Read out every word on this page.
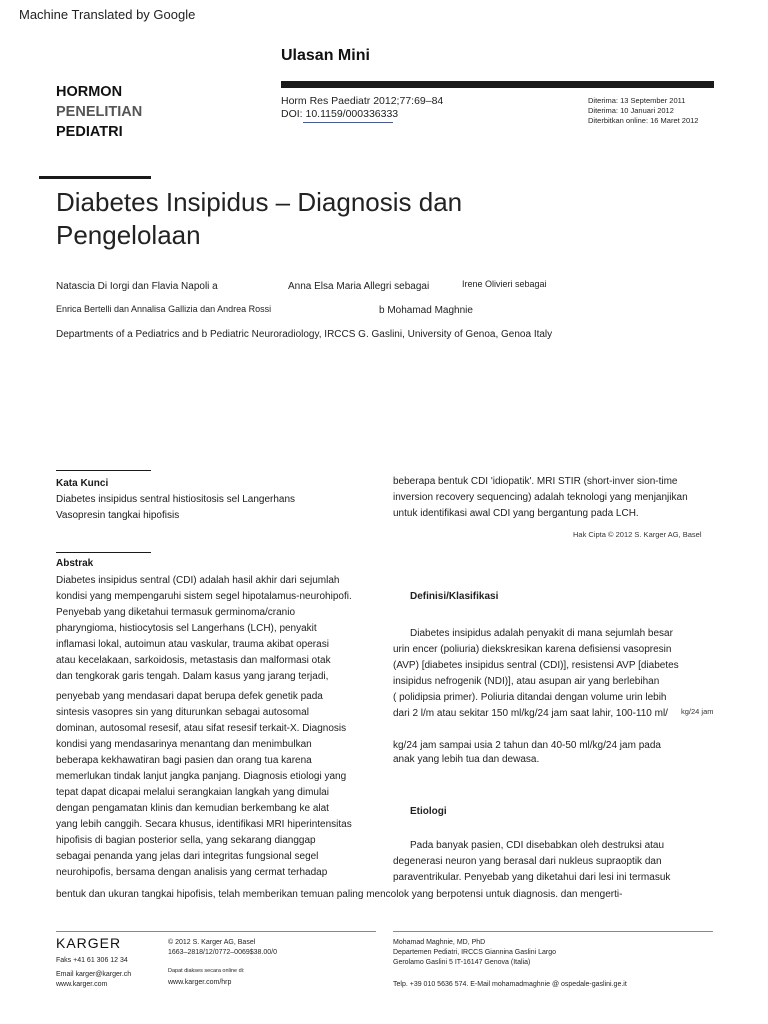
Machine Translated by Google
Ulasan Mini
HORMON
PENELITIAN
PEDIATRI
Horm Res Paediatr 2012;77:69–84
DOI: 10.1159/000336333
Diterima: 13 September 2011
Diterima: 10 Januari 2012
Diterbitkan online: 16 Maret 2012
Diabetes Insipidus – Diagnosis dan
Pengelolaan
Natascia Di Iorgi dan Flavia Napoli a	Anna Elsa Maria Allegri sebagai	Irene Olivieri sebagai
Enrica Bertelli dan Annalisa Gallizia dan Andrea Rossi	b Mohamad Maghnie
Departments of a Pediatrics and b Pediatric Neuroradiology, IRCCS G. Gaslini, University of Genoa, Genoa Italy
Kata Kunci
Diabetes insipidus sentral histiositosis sel Langerhans
Vasopresin tangkai hipofisis
Abstrak
Diabetes insipidus sentral (CDI) adalah hasil akhir dari sejumlah
kondisi yang mempengaruhi sistem segel hipotalamus-neurohipofi.
Penyebab yang diketahui termasuk germinoma/cranio
pharyngioma, histiocytosis sel Langerhans (LCH), penyakit
inflamasi lokal, autoimun atau vaskular, trauma akibat operasi
atau kecelakaan, sarkoidosis, metastasis dan malformasi otak
dan tengkorak garis tengah. Dalam kasus yang jarang terjadi,
penyebab yang mendasari dapat berupa defek genetik pada
sintesis vasopres sin yang diturunkan sebagai autosomal
dominan, autosomal resesif, atau sifat resesif terkait-X. Diagnosis
kondisi yang mendasarinya menantang dan menimbulkan
beberapa kekhawatiran bagi pasien dan orang tua karena
memerlukan tindak lanjut jangka panjang. Diagnosis etiologi yang
tepat dapat dicapai melalui serangkaian langkah yang dimulai
dengan pengamatan klinis dan kemudian berkembang ke alat
yang lebih canggih. Secara khusus, identifikasi MRI hiperintensitas
hipofisis di bagian posterior sella, yang sekarang dianggap
sebagai penanda yang jelas dari integritas fungsional segel
neurohipofis, bersama dengan analisis yang cermat terhadap
bentuk dan ukuran tangkai hipofisis, telah memberikan temuan paling mencolok yang berpotensi untuk diagnosis. dan mengerti-
beberapa bentuk CDI 'idiopatik'. MRI STIR (short-inver sion-time
inversion recovery sequencing) adalah teknologi yang menjanjikan
untuk identifikasi awal CDI yang bergantung pada LCH.
Hak Cipta © 2012 S. Karger AG, Basel
Definisi/Klasifikasi
Diabetes insipidus adalah penyakit di mana sejumlah besar
urin encer (poliuria) diekskresikan karena defisiensi vasopresin
(AVP) [diabetes insipidus sentral (CDI)], resistensi AVP [diabetes
insipidus nefrogenik (NDI)], atau asupan air yang berlebihan
( polidipsia primer). Poliuria ditandai dengan volume urin lebih
dari 2 l/m atau sekitar 150 ml/kg/24 jam saat lahir, 100-110 ml/	kg/24 jam
kg/24 jam sampai usia 2 tahun dan 40-50 ml/kg/24 jam pada
anak yang lebih tua dan dewasa.
Etiologi
Pada banyak pasien, CDI disebabkan oleh destruksi atau
degenerasi neuron yang berasal dari nukleus supraoptik dan
paraventrikular. Penyebab yang diketahui dari lesi ini termasuk
KARGER
Faks +41 61 306 12 34
Email karger@karger.ch
www.karger.com
© 2012 S. Karger AG, Basel
1663–2818/12/0772–0069$38.00/0
Dapat diakses secara online di:
www.karger.com/hrp
Mohamad Maghnie, MD, PhD
Departemen Pediatri, IRCCS Giannina Gaslini Largo
Gerolamo Gaslini 5 IT-16147 Genova (Italia)
Telp. +39 010 5636 574. E-Mail mohamadmaghnie @ ospedale-gaslini.ge.it
